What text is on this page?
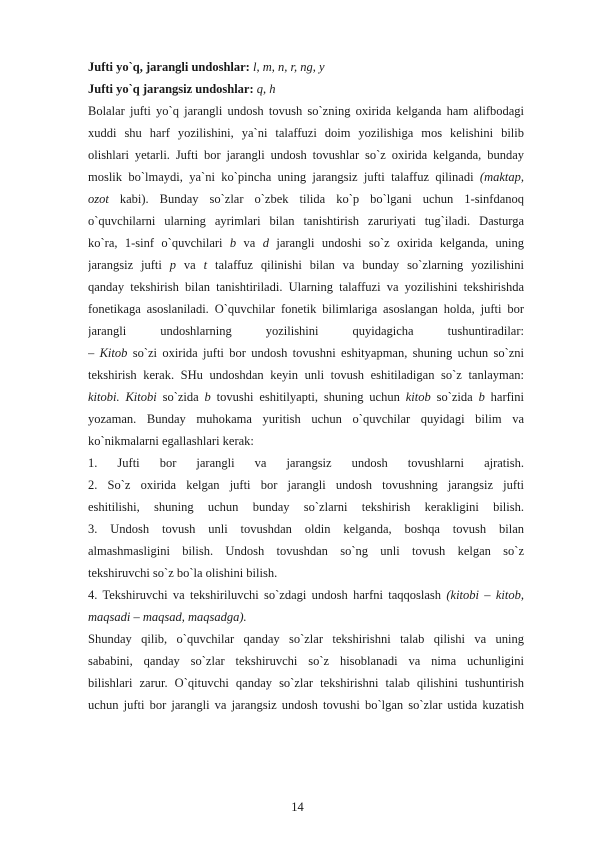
Jufti yo`q, jarangli undoshlar: l, m, n, r, ng, y
Jufti yo`q jarangsiz undoshlar: q, h
Bolalar jufti yo`q jarangli undosh tovush so`zning oxirida kelganda ham alifbodagi
xuddi shu harf yozilishini, ya`ni talaffuzi doim yozilishiga mos kelishini bilib
olishlari yetarli. Jufti bor jarangli undosh tovushlar so`z oxirida kelganda, bunday
moslik bo`lmaydi, ya`ni ko`pincha uning jarangsiz jufti talaffuz qilinadi (maktap,
ozot kabi). Bunday so`zlar o`zbek tilida ko`p bo`lgani uchun 1-sinfdanoq
o`quvchilarni ularning ayrimlari bilan tanishtirish zaruriyati tug`iladi. Dasturga
ko`ra, 1-sinf o`quvchilari b va d jarangli undoshi so`z oxirida kelganda, uning
jarangsiz jufti p va t talaffuz qilinishi bilan va bunday so`zlarning yozilishini
qanday tekshirish bilan tanishtiriladi. Ularning talaffuzi va yozilishini tekshirishda
fonetikaga asoslaniladi. O`quvchilar fonetik bilimlariga asoslangan holda, jufti bor
jarangli undoshlarning yozilishini quyidagicha tushuntiradilar:
– Kitob so`zi oxirida jufti bor undosh tovushni eshityapman, shuning uchun so`zni
tekshirish kerak. SHu undoshdan keyin unli tovush eshitiladigan so`z tanlayman:
kitobi. Kitobi so`zida b tovushi eshitilyapti, shuning uchun kitob so`zida b harfini
yozaman. Bunday muhokama yuritish uchun o`quvchilar quyidagi bilim va
ko`nikmalarni egallashlari kerak:
1. Jufti bor jarangli va jarangsiz undosh tovushlarni ajratish.
2. So`z oxirida kelgan jufti bor jarangli undosh tovushning jarangsiz jufti
eshitilishi, shuning uchun bunday so`zlarni tekshirish kerakligini bilish.
3. Undosh tovush unli tovushdan oldin kelganda, boshqa tovush bilan
almashmasligini bilish. Undosh tovushdan so`ng unli tovush kelgan so`z
tekshiruvchi so`z bo`la olishini bilish.
4. Tekshiruvchi va tekshiriluvchi so`zdagi undosh harfni taqqoslash (kitobi – kitob,
maqsadi – maqsad, maqsadga).
Shunday qilib, o`quvchilar qanday so`zlar tekshirishni talab qilishi va uning
sababini, qanday so`zlar tekshiruvchi so`z hisoblanadi va nima uchunligini
bilishlari zarur. O`qituvchi qanday so`zlar tekshirishni talab qilishini tushuntirish
uchun jufti bor jarangli va jarangsiz undosh tovushi bo`lgan so`zlar ustida kuzatish
14
